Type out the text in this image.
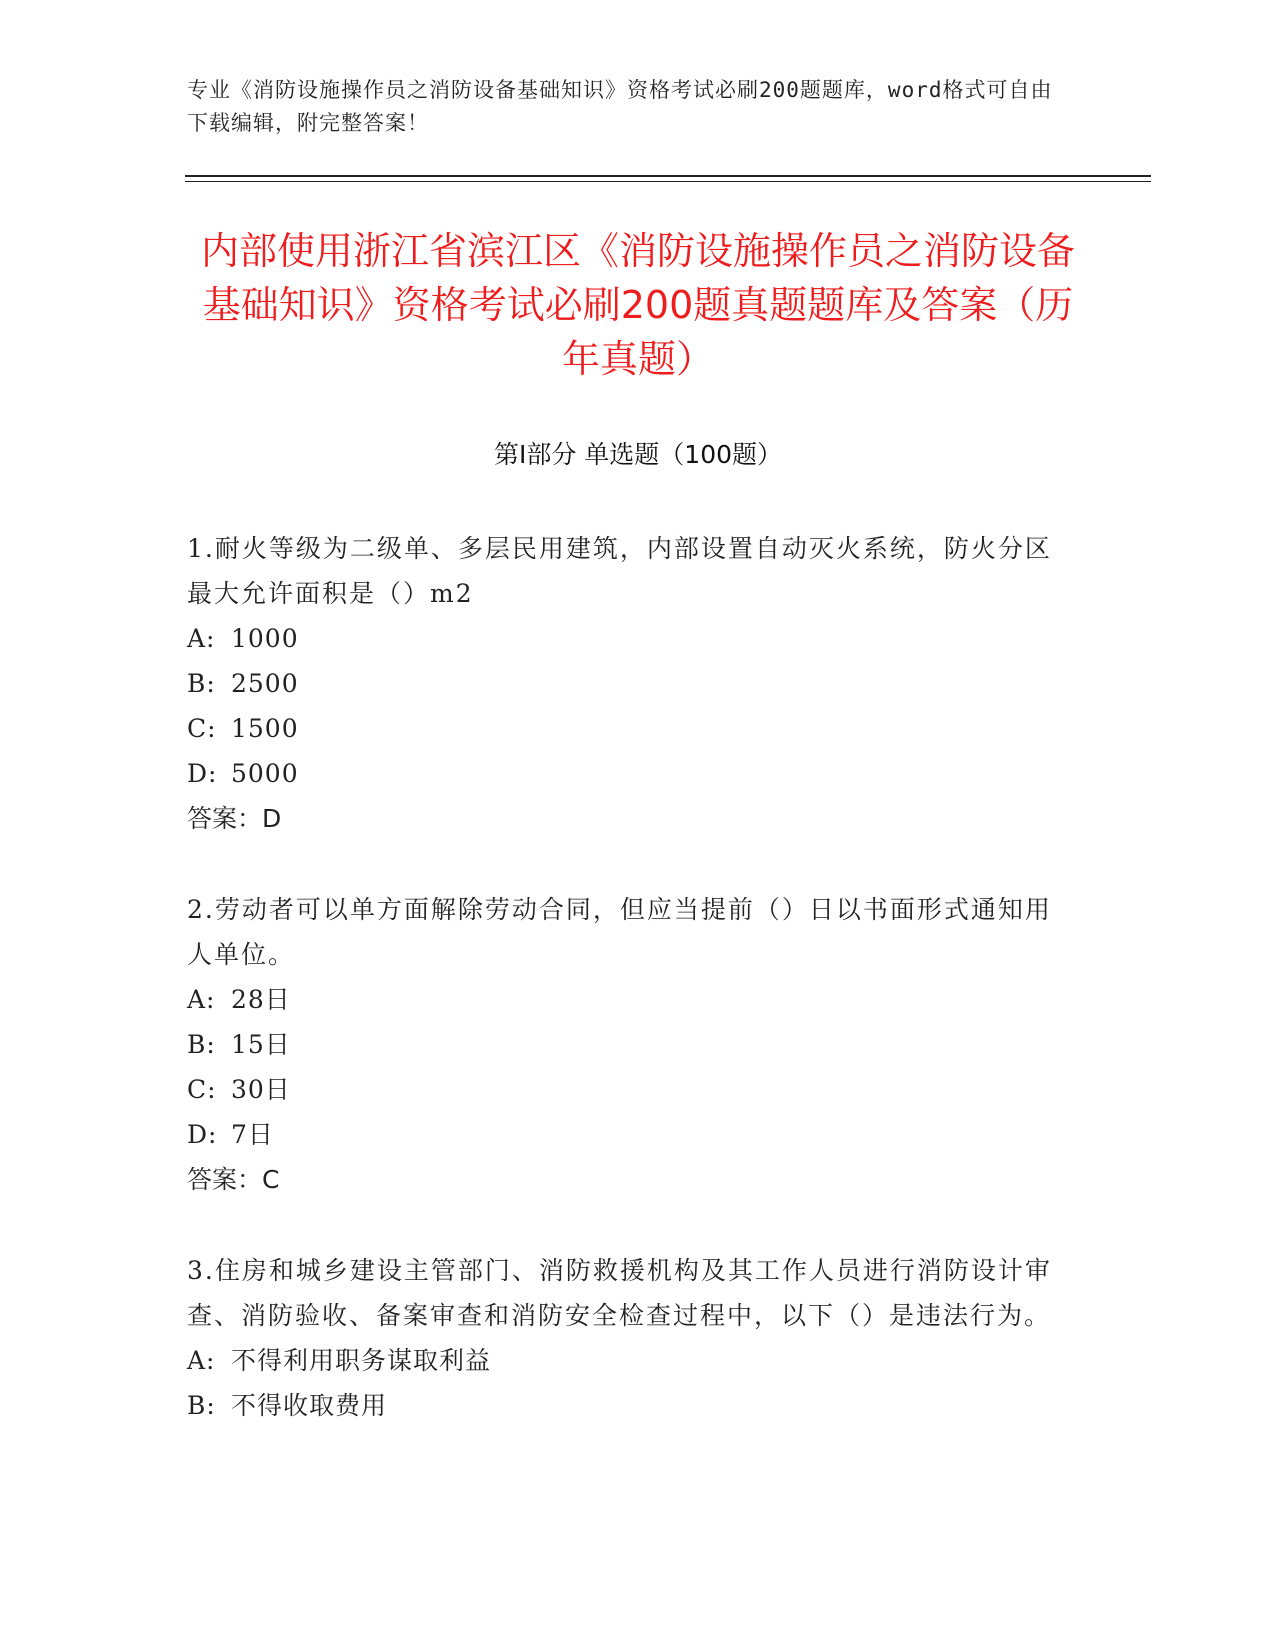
专业《消防设施操作员之消防设备基础知识》资格考试必刷200题题库，word格式可自由下载编辑，附完整答案！
内部使用浙江省滨江区《消防设施操作员之消防设备基础知识》资格考试必刷200题真题题库及答案（历年真题）
第I部分 单选题（100题）
1.耐火等级为二级单、多层民用建筑，内部设置自动灭火系统，防火分区最大允许面积是（）m2
A: 1000
B: 2500
C: 1500
D: 5000
答案：D
2.劳动者可以单方面解除劳动合同，但应当提前（）日以书面形式通知用人单位。
A: 28日
B: 15日
C: 30日
D: 7日
答案：C
3.住房和城乡建设主管部门、消防救援机构及其工作人员进行消防设计审查、消防验收、备案审查和消防安全检查过程中，以下（）是违法行为。
A: 不得利用职务谋取利益
B: 不得收取费用
